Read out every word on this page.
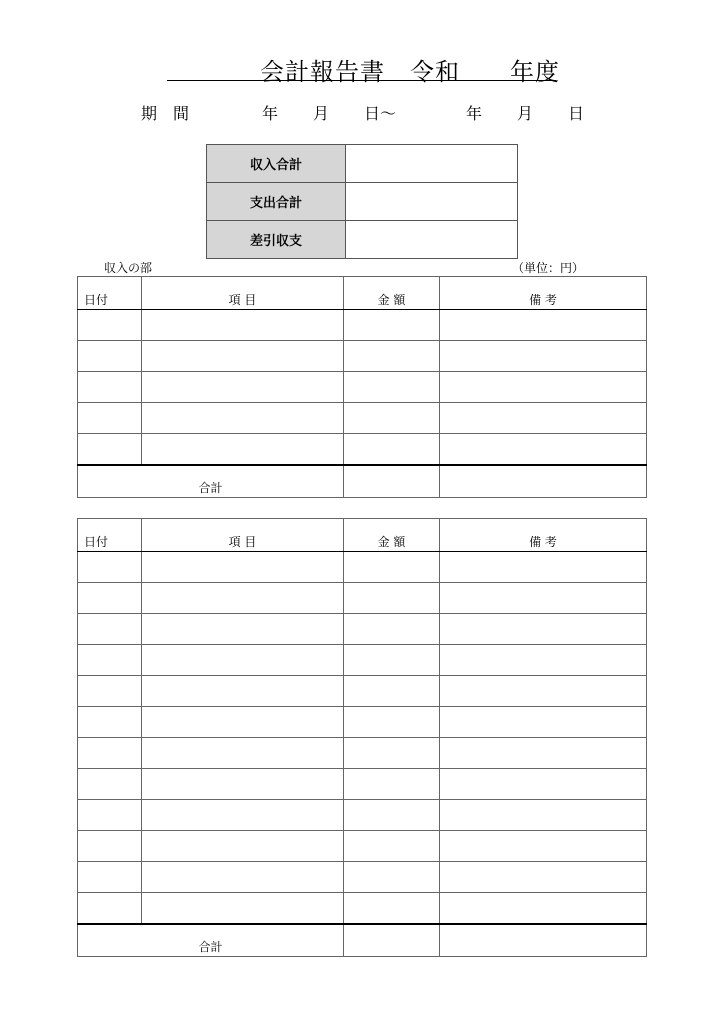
会計報告書　令和　　年度
期　間	年 月 日～	年 月 日
収入合計	
支出合計	
差引収支	
収入の部	（単位：円）
日付	項 目	金 額	備 考

合計			
日付	項 目	金 額	備 考

合計			
